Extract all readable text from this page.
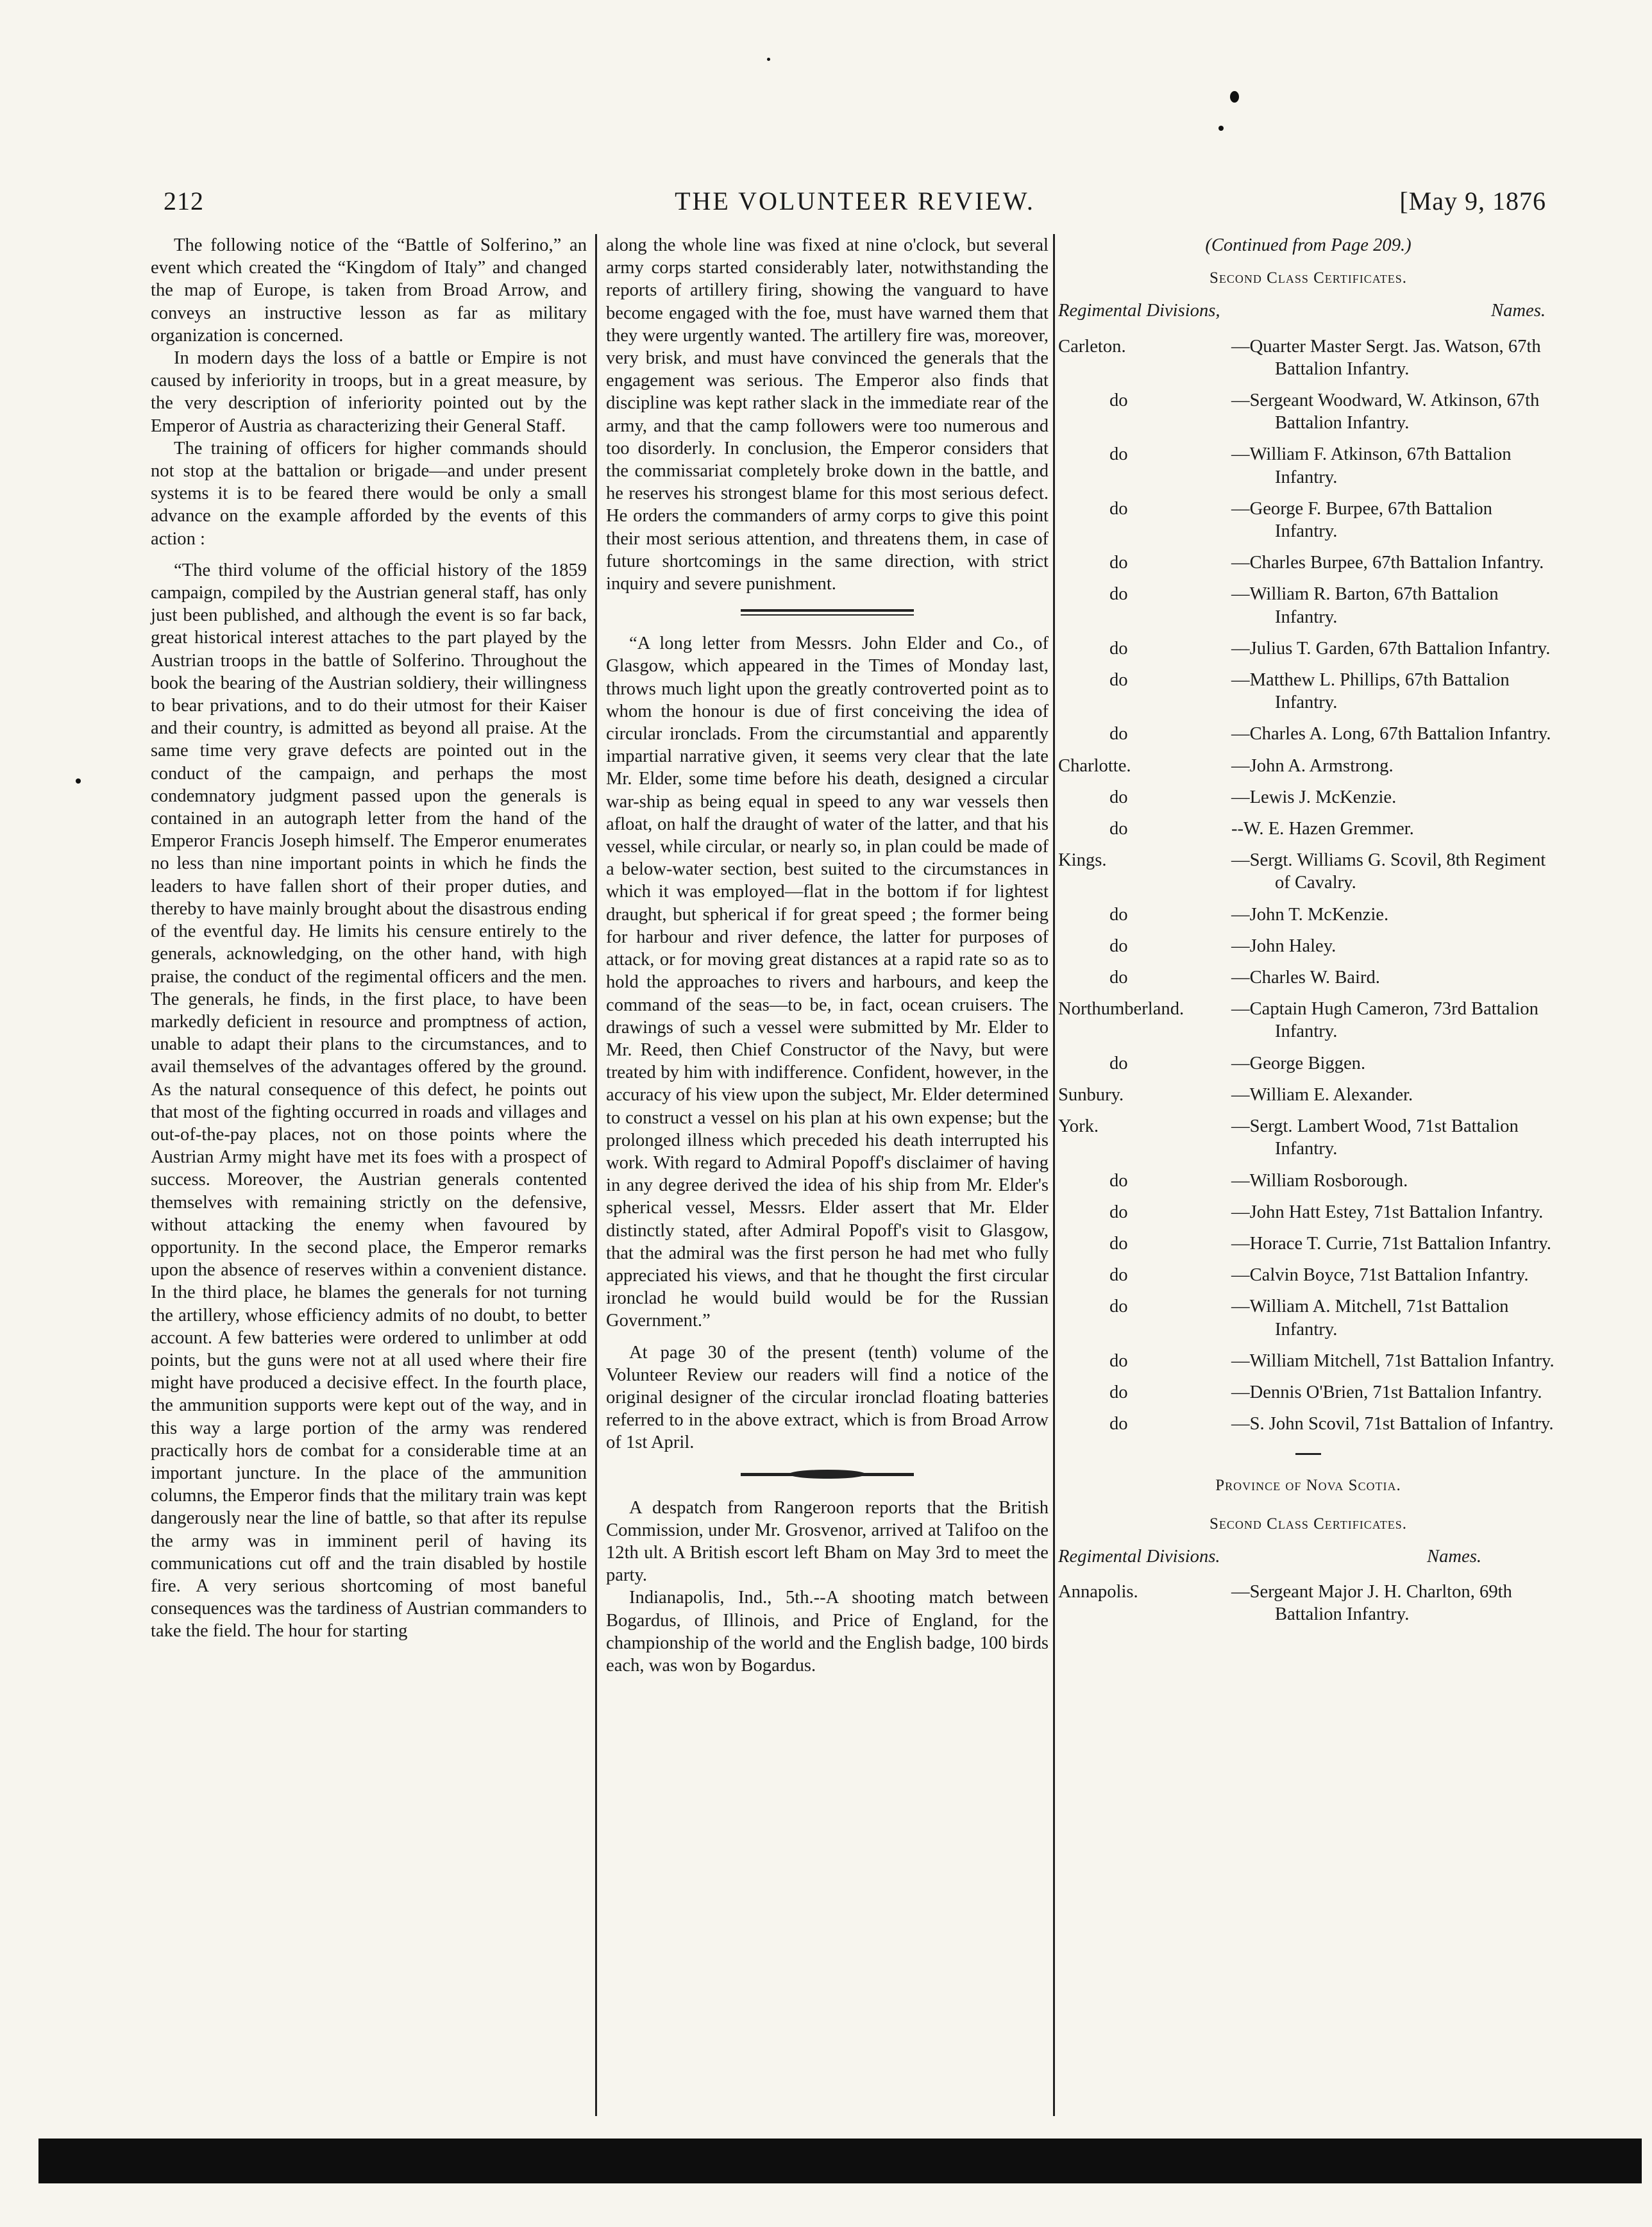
212	THE VOLUNTEER REVIEW.	[May 9, 1876

The following notice of the “Battle of Solferino,” an event which created the “Kingdom of Italy” and changed the map of Europe, is taken from Broad Arrow, and conveys an instructive lesson as far as military organization is concerned.

In modern days the loss of a battle or Empire is not caused by inferiority in troops, but in a great measure, by the very description of inferiority pointed out by the Emperor of Austria as characterizing their General Staff.

The training of officers for higher commands should not stop at the battalion or brigade—and under present systems it is to be feared there would be only a small advance on the example afforded by the events of this action :

“The third volume of the official history of the 1859 campaign, compiled by the Austrian general staff, has only just been published, and although the event is so far back, great historical interest attaches to the part played by the Austrian troops in the battle of Solferino. Throughout the book the bearing of the Austrian soldiery, their willingness to bear privations, and to do their utmost for their Kaiser and their country, is admitted as beyond all praise. At the same time very grave defects are pointed out in the conduct of the campaign, and perhaps the most condemnatory judgment passed upon the generals is contained in an autograph letter from the hand of the Emperor Francis Joseph himself. The Emperor enumerates no less than nine important points in which he finds the leaders to have fallen short of their proper duties, and thereby to have mainly brought about the disastrous ending of the eventful day. He limits his censure entirely to the generals, acknowledging, on the other hand, with high praise, the conduct of the regimental officers and the men. The generals, he finds, in the first place, to have been markedly deficient in resource and promptness of action, unable to adapt their plans to the circumstances, and to avail themselves of the advantages offered by the ground. As the natural consequence of this defect, he points out that most of the fighting occurred in roads and villages and out-of-the-pay places, not on those points where the Austrian Army might have met its foes with a prospect of success. Moreover, the Austrian generals contented themselves with remaining strictly on the defensive, without attacking the enemy when favoured by opportunity. In the second place, the Emperor remarks upon the absence of reserves within a convenient distance. In the third place, he blames the generals for not turning the artillery, whose efficiency admits of no doubt, to better account. A few batteries were ordered to unlimber at odd points, but the guns were not at all used where their fire might have produced a decisive effect. In the fourth place, the ammunition supports were kept out of the way, and in this way a large portion of the army was rendered practically hors de combat for a considerable time at an important juncture. In the place of the ammunition columns, the Emperor finds that the military train was kept dangerously near the line of battle, so that after its repulse the army was in imminent peril of having its communications cut off and the train disabled by hostile fire. A very serious shortcoming of most baneful consequences was the tardiness of Austrian commanders to take the field. The hour for starting

along the whole line was fixed at nine o'clock, but several army corps started considerably later, notwithstanding the reports of artillery firing, showing the vanguard to have become engaged with the foe, must have warned them that they were urgently wanted. The artillery fire was, moreover, very brisk, and must have convinced the generals that the engagement was serious. The Emperor also finds that discipline was kept rather slack in the immediate rear of the army, and that the camp followers were too numerous and too disorderly. In conclusion, the Emperor considers that the commissariat completely broke down in the battle, and he reserves his strongest blame for this most serious defect. He orders the commanders of army corps to give this point their most serious attention, and threatens them, in case of future shortcomings in the same direction, with strict inquiry and severe punishment.

“A long letter from Messrs. John Elder and Co., of Glasgow, which appeared in the Times of Monday last, throws much light upon the greatly controverted point as to whom the honour is due of first conceiving the idea of circular ironclads. From the circumstantial and apparently impartial narrative given, it seems very clear that the late Mr. Elder, some time before his death, designed a circular war-ship as being equal in speed to any war vessels then afloat, on half the draught of water of the latter, and that his vessel, while circular, or nearly so, in plan could be made of a below-water section, best suited to the circumstances in which it was employed—flat in the bottom if for lightest draught, but spherical if for great speed ; the former being for harbour and river defence, the latter for purposes of attack, or for moving great distances at a rapid rate so as to hold the approaches to rivers and harbours, and keep the command of the seas—to be, in fact, ocean cruisers. The drawings of such a vessel were submitted by Mr. Elder to Mr. Reed, then Chief Constructor of the Navy, but were treated by him with indifference. Confident, however, in the accuracy of his view upon the subject, Mr. Elder determined to construct a vessel on his plan at his own expense; but the prolonged illness which preceded his death interrupted his work. With regard to Admiral Popoff's disclaimer of having in any degree derived the idea of his ship from Mr. Elder's spherical vessel, Messrs. Elder assert that Mr. Elder distinctly stated, after Admiral Popoff's visit to Glasgow, that the admiral was the first person he had met who fully appreciated his views, and that he thought the first circular ironclad he would build would be for the Russian Government.”

At page 30 of the present (tenth) volume of the Volunteer Review our readers will find a notice of the original designer of the circular ironclad floating batteries referred to in the above extract, which is from Broad Arrow of 1st April.

A despatch from Rangeroon reports that the British Commission, under Mr. Grosvenor, arrived at Talifoo on the 12th ult. A British escort left Bham on May 3rd to meet the party.

Indianapolis, Ind., 5th.--A shooting match between Bogardus, of Illinois, and Price of England, for the championship of the world and the English badge, 100 birds each, was won by Bogardus.

(Continued from Page 209.)
Second Class Certificates.
Regimental Divisions,	Names.
Carleton.	—Quarter Master Sergt. Jas. Watson, 67th Battalion Infantry.
do	—Sergeant Woodward, W. Atkinson, 67th Battalion Infantry.
do	—William F. Atkinson, 67th Battalion Infantry.
do	—George F. Burpee, 67th Battalion Infantry.
do	—Charles Burpee, 67th Battalion Infantry.
do	—William R. Barton, 67th Battalion Infantry.
do	—Julius T. Garden, 67th Battalion Infantry.
do	—Matthew L. Phillips, 67th Battalion Infantry.
do	—Charles A. Long, 67th Battalion Infantry.
Charlotte.	—John A. Armstrong.
do	—Lewis J. McKenzie.
do	--W. E. Hazen Gremmer.
Kings.	—Sergt. Williams G. Scovil, 8th Regiment of Cavalry.
do	—John T. McKenzie.
do	—John Haley.
do	—Charles W. Baird.
Northumberland.	—Captain Hugh Cameron, 73rd Battalion Infantry.
do	—George Biggen.
Sunbury.	—William E. Alexander.
York.	—Sergt. Lambert Wood, 71st Battalion Infantry.
do	—William Rosborough.
do	—John Hatt Estey, 71st Battalion Infantry.
do	—Horace T. Currie, 71st Battalion Infantry.
do	—Calvin Boyce, 71st Battalion Infantry.
do	—William A. Mitchell, 71st Battalion Infantry.
do	—William Mitchell, 71st Battalion Infantry.
do	—Dennis O'Brien, 71st Battalion Infantry.
do	—S. John Scovil, 71st Battalion of Infantry.
Province of Nova Scotia.
Second Class Certificates.
Regimental Divisions.	Names.
Annapolis.	—Sergeant Major J. H. Charlton, 69th Battalion Infantry.
